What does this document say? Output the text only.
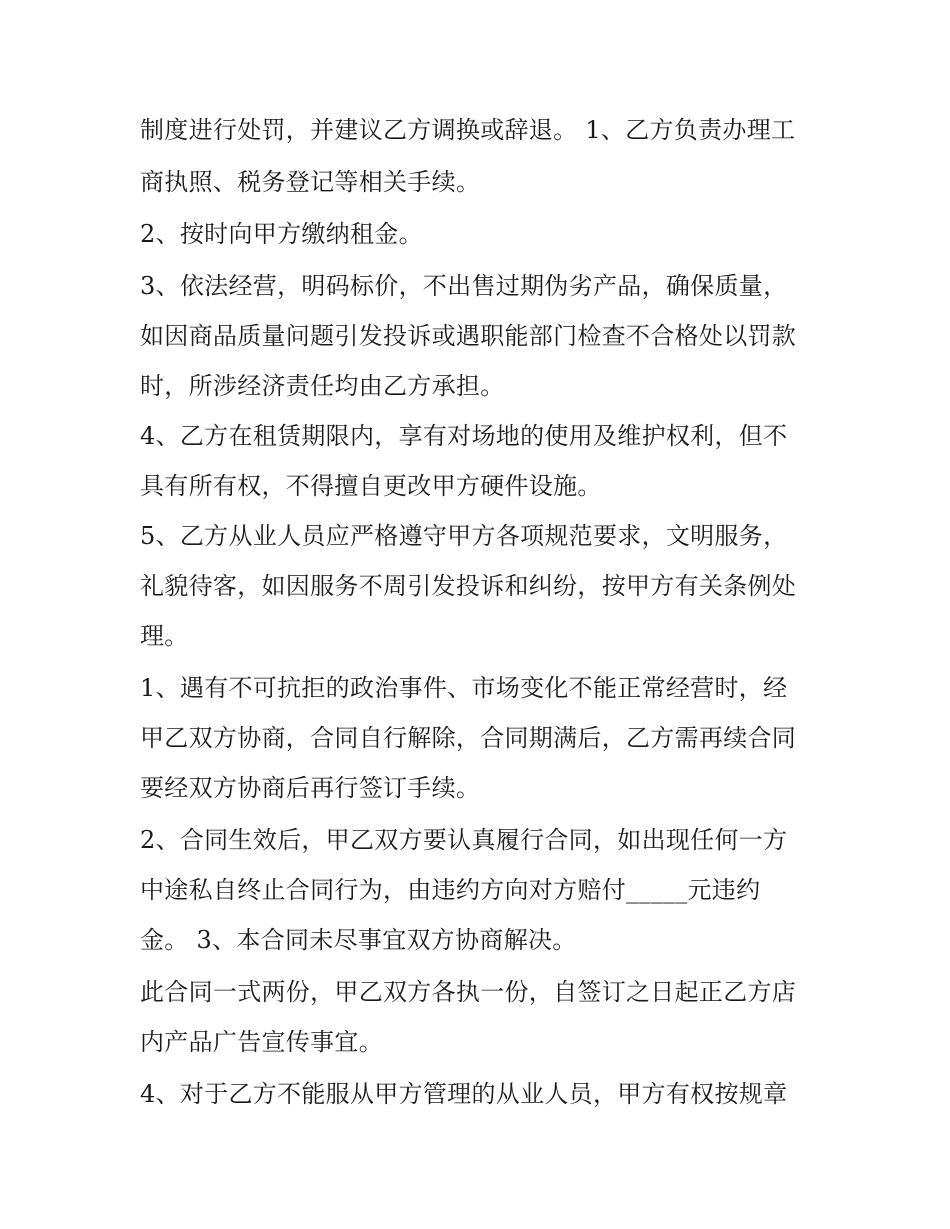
制度进行处罚，并建议乙方调换或辞退。 1、乙方负责办理工
商执照、税务登记等相关手续。
2、按时向甲方缴纳租金。
3、依法经营，明码标价，不出售过期伪劣产品，确保质量，
如因商品质量问题引发投诉或遇职能部门检查不合格处以罚款
时，所涉经济责任均由乙方承担。
4、乙方在租赁期限内，享有对场地的使用及维护权利，但不
具有所有权，不得擅自更改甲方硬件设施。
5、乙方从业人员应严格遵守甲方各项规范要求，文明服务，
礼貌待客，如因服务不周引发投诉和纠纷，按甲方有关条例处
理。
1、遇有不可抗拒的政治事件、市场变化不能正常经营时，经
甲乙双方协商，合同自行解除，合同期满后，乙方需再续合同
要经双方协商后再行签订手续。
2、合同生效后，甲乙双方要认真履行合同，如出现任何一方
中途私自终止合同行为，由违约方向对方赔付_____元违约
金。 3、本合同未尽事宜双方协商解决。
此合同一式两份，甲乙双方各执一份，自签订之日起正乙方店
内产品广告宣传事宜。
4、对于乙方不能服从甲方管理的从业人员，甲方有权按规章
